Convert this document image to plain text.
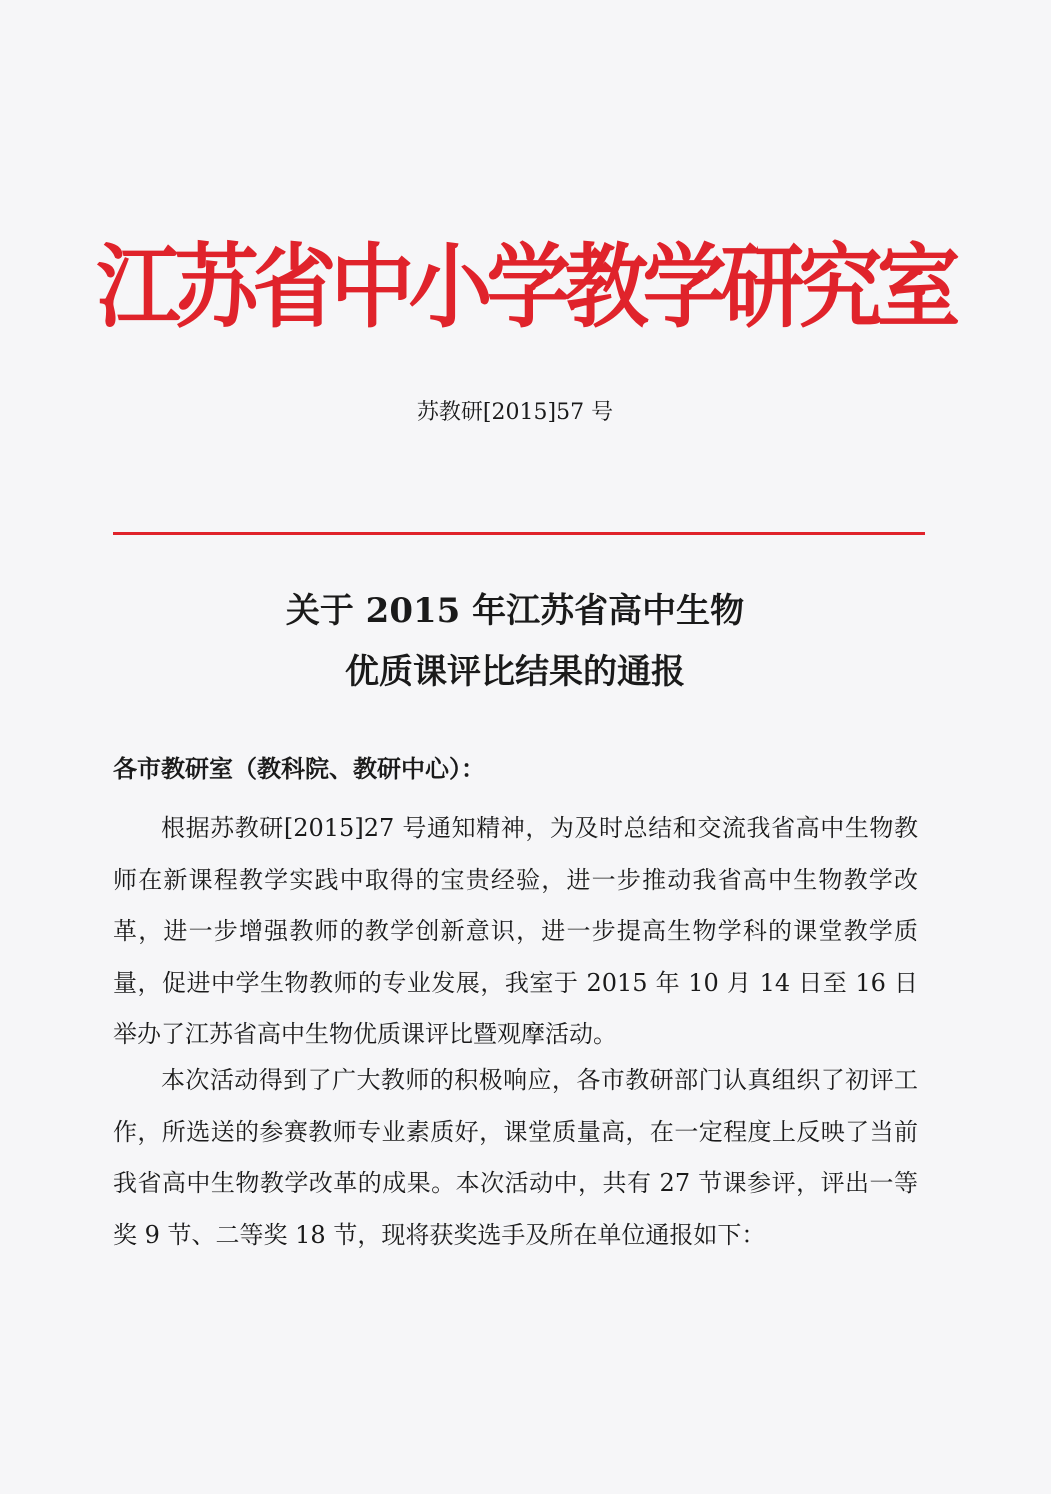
江苏省中小学教学研究室
苏教研[2015]57 号
关于 2015 年江苏省高中生物
优质课评比结果的通报
各市教研室（教科院、教研中心）：
根据苏教研[2015]27 号通知精神，为及时总结和交流我省高中生物教师在新课程教学实践中取得的宝贵经验，进一步推动我省高中生物教学改革，进一步增强教师的教学创新意识，进一步提高生物学科的课堂教学质量，促进中学生物教师的专业发展，我室于 2015 年 10 月 14 日至 16 日举办了江苏省高中生物优质课评比暨观摩活动。
本次活动得到了广大教师的积极响应，各市教研部门认真组织了初评工作，所选送的参赛教师专业素质好，课堂质量高，在一定程度上反映了当前我省高中生物教学改革的成果。本次活动中，共有 27 节课参评，评出一等奖 9 节、二等奖 18 节，现将获奖选手及所在单位通报如下：
